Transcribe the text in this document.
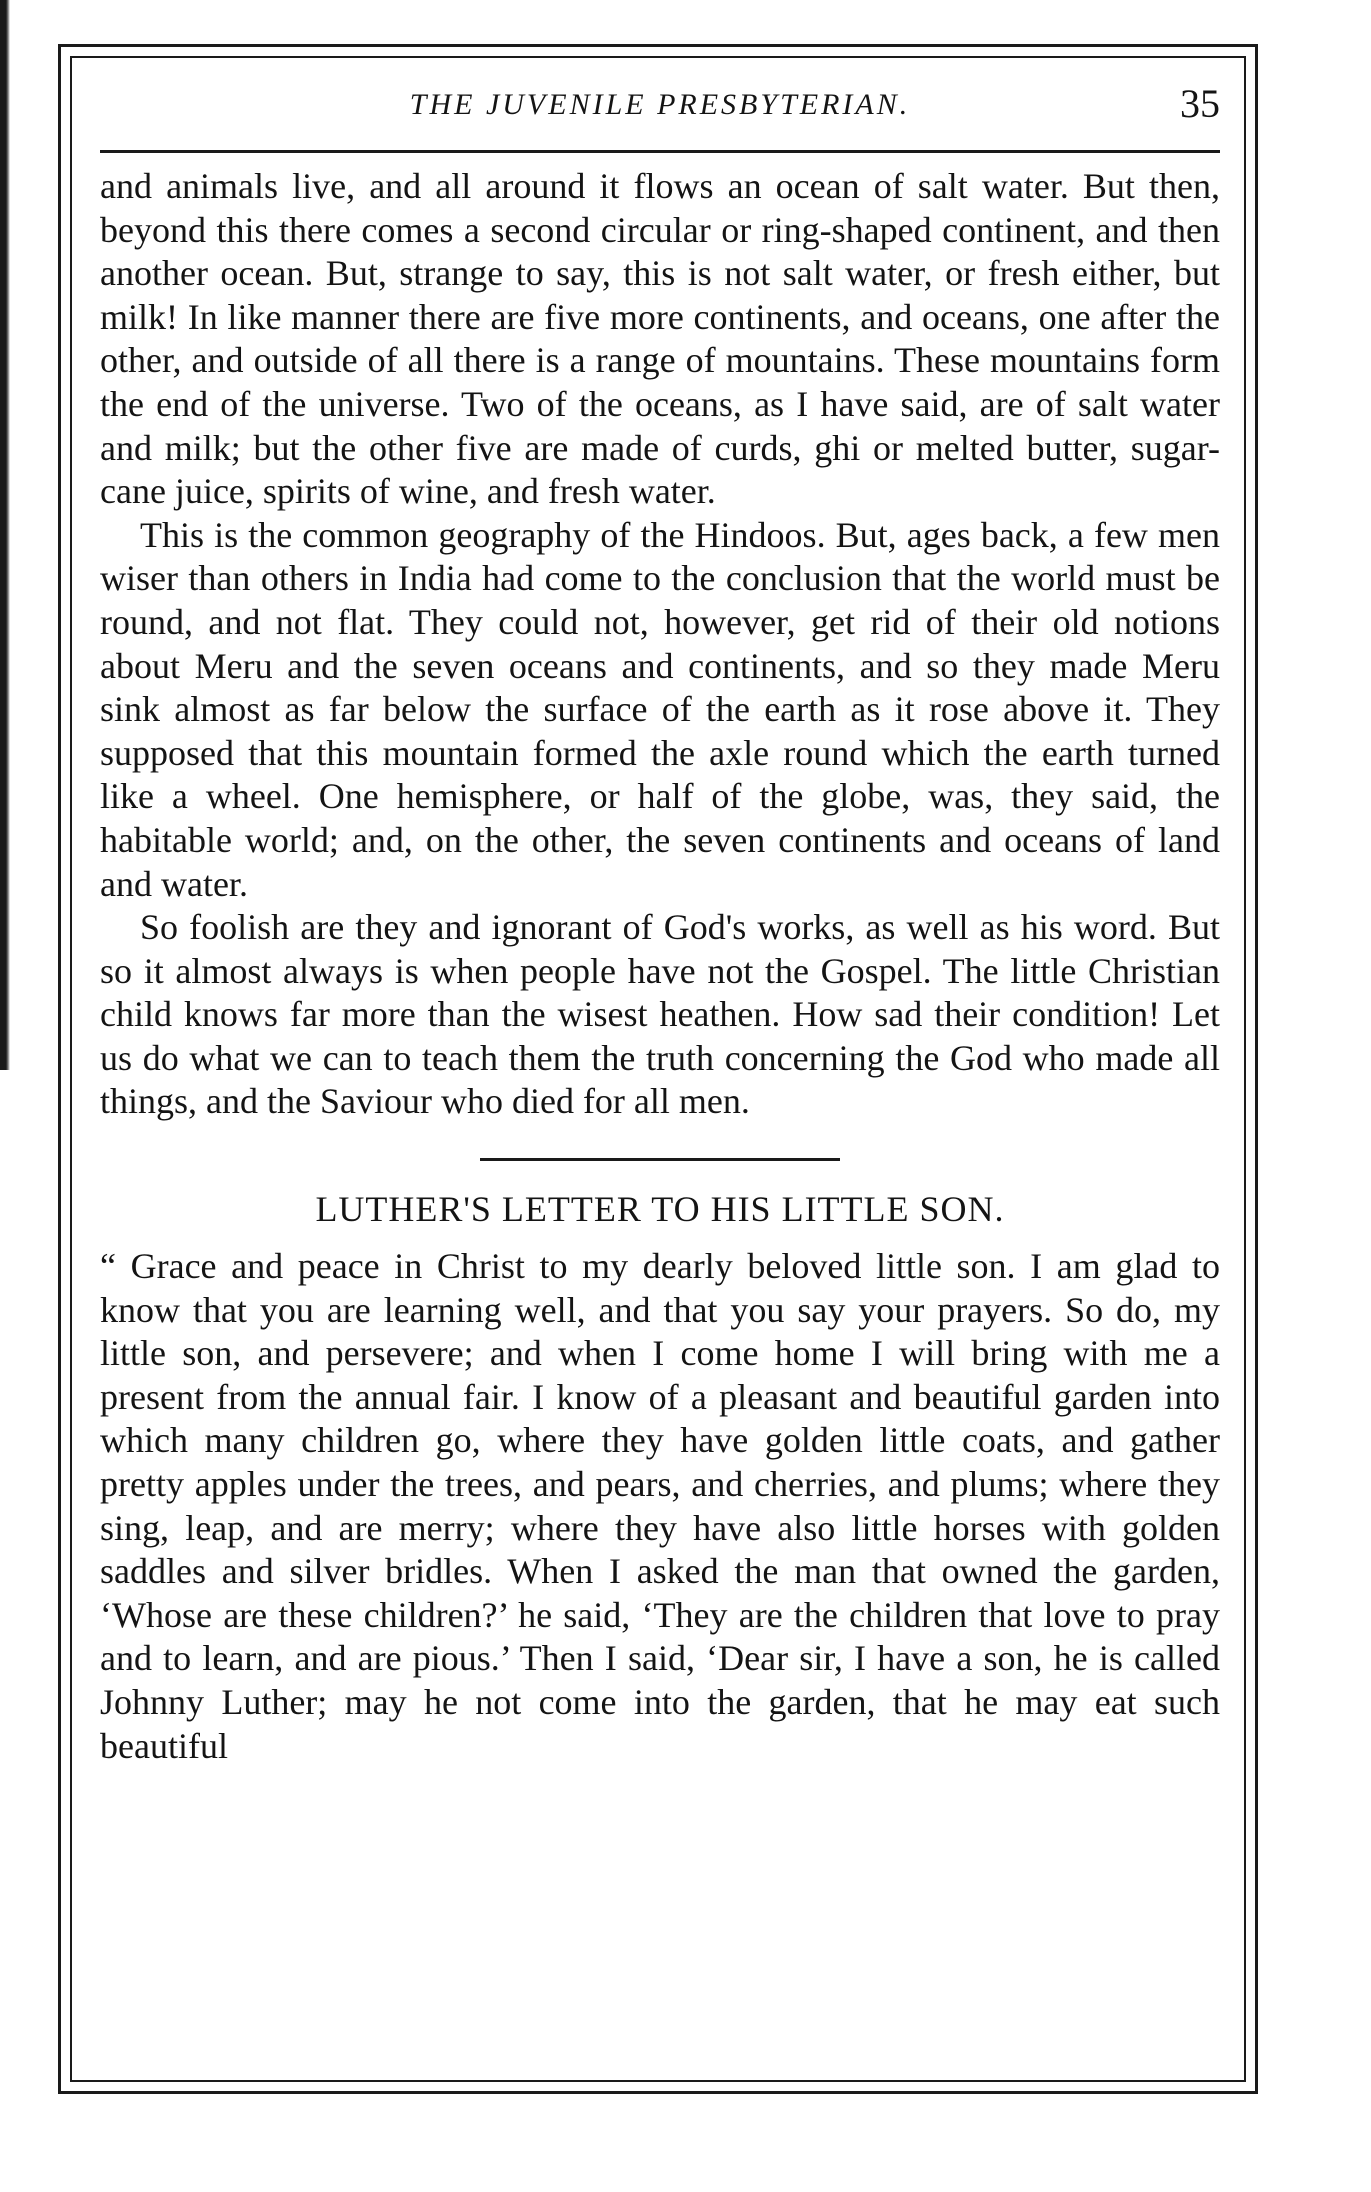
THE JUVENILE PRESBYTERIAN.	35

and animals live, and all around it flows an ocean of salt water. But then, beyond this there comes a second circular or ring-shaped continent, and then another ocean. But, strange to say, this is not salt water, or fresh either, but milk! In like manner there are five more continents, and oceans, one after the other, and outside of all there is a range of mountains. These mountains form the end of the universe. Two of the oceans, as I have said, are of salt water and milk; but the other five are made of curds, ghi or melted butter, sugar-cane juice, spirits of wine, and fresh water.

This is the common geography of the Hindoos. But, ages back, a few men wiser than others in India had come to the conclusion that the world must be round, and not flat. They could not, however, get rid of their old notions about Meru and the seven oceans and continents, and so they made Meru sink almost as far below the surface of the earth as it rose above it. They supposed that this mountain formed the axle round which the earth turned like a wheel. One hemisphere, or half of the globe, was, they said, the habitable world; and, on the other, the seven continents and oceans of land and water.

So foolish are they and ignorant of God's works, as well as his word. But so it almost always is when people have not the Gospel. The little Christian child knows far more than the wisest heathen. How sad their condition! Let us do what we can to teach them the truth concerning the God who made all things, and the Saviour who died for all men.

LUTHER'S LETTER TO HIS LITTLE SON.

“ Grace and peace in Christ to my dearly beloved little son. I am glad to know that you are learning well, and that you say your prayers. So do, my little son, and persevere; and when I come home I will bring with me a present from the annual fair. I know of a pleasant and beautiful garden into which many children go, where they have golden little coats, and gather pretty apples under the trees, and pears, and cherries, and plums; where they sing, leap, and are merry; where they have also little horses with golden saddles and silver bridles. When I asked the man that owned the garden, ‘Whose are these children?’ he said, ‘They are the children that love to pray and to learn, and are pious.’ Then I said, ‘Dear sir, I have a son, he is called Johnny Luther; may he not come into the garden, that he may eat such beautiful
